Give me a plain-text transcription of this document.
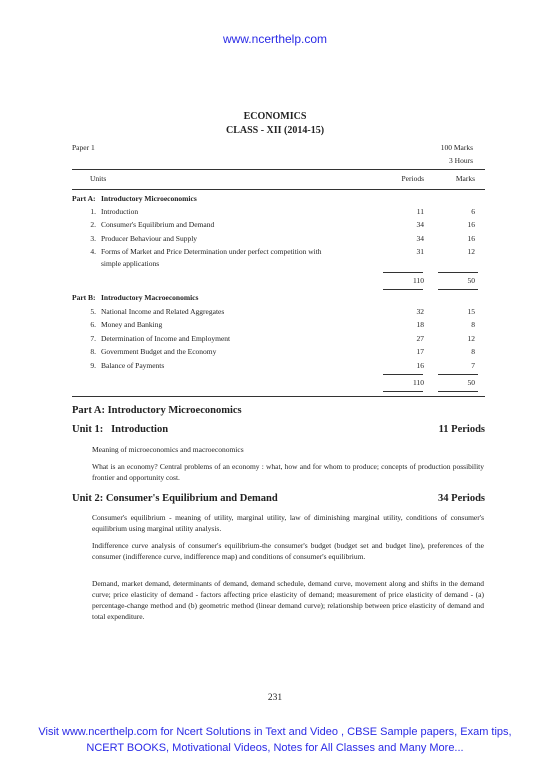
www.ncerthelp.com
ECONOMICS
CLASS - XII (2014-15)
Paper 1	100 Marks
3 Hours
Units	Periods	Marks
Part A: Introductory Microeconomics
1. Introduction	11	6
2. Consumer's Equilibrium and Demand	34	16
3. Producer Behaviour and Supply	34	16
4. Forms of Market and Price Determination under perfect competition with	31	12
simple applications
110	50
Part B: Introductory Macroeconomics
5. National Income and Related Aggregates	32	15
6. Money and Banking	18	8
7. Determination of Income and Employment	27	12
8. Government Budget and the Economy	17	8
9. Balance of Payments	16	7
110	50
Part A: Introductory Microeconomics
Unit 1:   Introduction	11 Periods
Meaning of microeconomics and macroeconomics
What is an economy? Central problems of an economy : what, how and for whom to produce; concepts of production possibility frontier and opportunity cost.
Unit 2: Consumer's Equilibrium and Demand	34 Periods
Consumer's equilibrium - meaning of utility, marginal utility, law of diminishing marginal utility, conditions of consumer's equilibrium using marginal utility analysis.
Indifference curve analysis of consumer's equilibrium-the consumer's budget (budget set and budget line), preferences of the consumer (indifference curve, indifference map) and conditions of consumer's equilibrium.
Demand, market demand, determinants of demand, demand schedule, demand curve, movement along and shifts in the demand curve; price elasticity of demand - factors affecting price elasticity of demand; measurement of price elasticity of demand - (a) percentage-change method and (b) geometric method (linear demand curve); relationship between price elasticity of demand and total expenditure.
231
Visit www.ncerthelp.com for Ncert Solutions in Text and Video , CBSE Sample papers, Exam tips,
NCERT BOOKS, Motivational Videos, Notes for All Classes and Many More...
